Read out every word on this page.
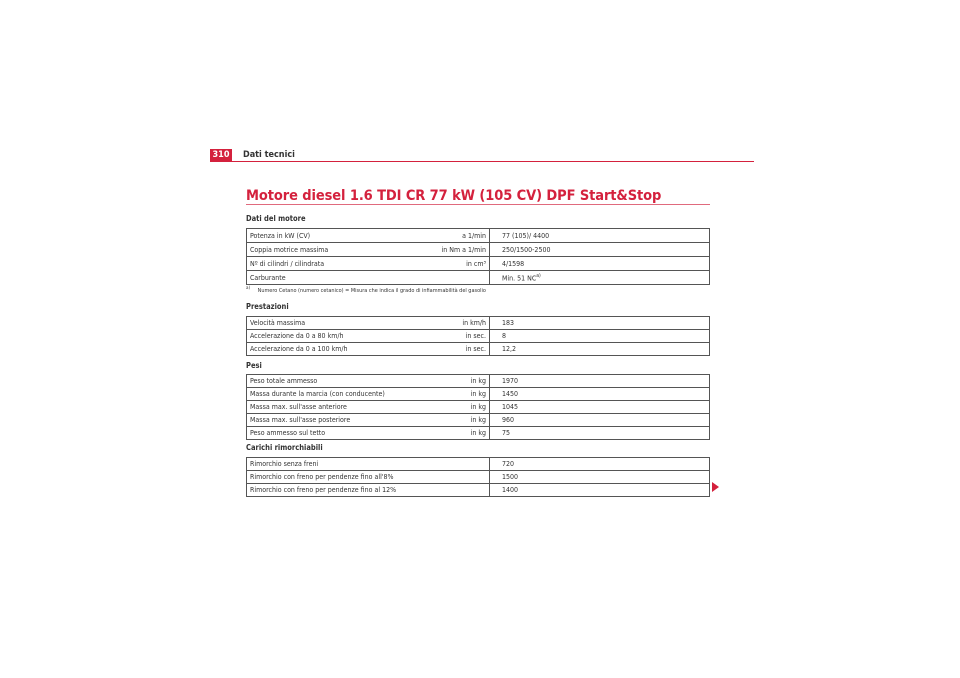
310 Dati tecnici
Motore diesel 1.6 TDI CR 77 kW (105 CV) DPF Start&Stop
Dati del motore
Potenza in kW (CV)	a 1/min	77 (105)/ 4400
Coppia motrice massima	in Nm a 1/min	250/1500-2500
Nº di cilindri / cilindrata	in cm³	4/1598
Carburante		Min. 51 NC$^{a)}$
$^{a)}$ Numero Cetano (numero cetanico) = Misura che indica il grado di infiammabilità del gasolio
Prestazioni
Velocità massima	in km/h	183
Accelerazione da 0 a 80 km/h	in sec.	8
Accelerazione da 0 a 100 km/h	in sec.	12,2
Pesi
Peso totale ammesso	in kg	1970
Massa durante la marcia (con conducente)	in kg	1450
Massa max. sull'asse anteriore	in kg	1045
Massa max. sull'asse posteriore	in kg	960
Peso ammesso sul tetto	in kg	75
Carichi rimorchiabili
Rimorchio senza freni		720
Rimorchio con freno per pendenze fino all'8%		1500
Rimorchio con freno per pendenze fino al 12%		1400
